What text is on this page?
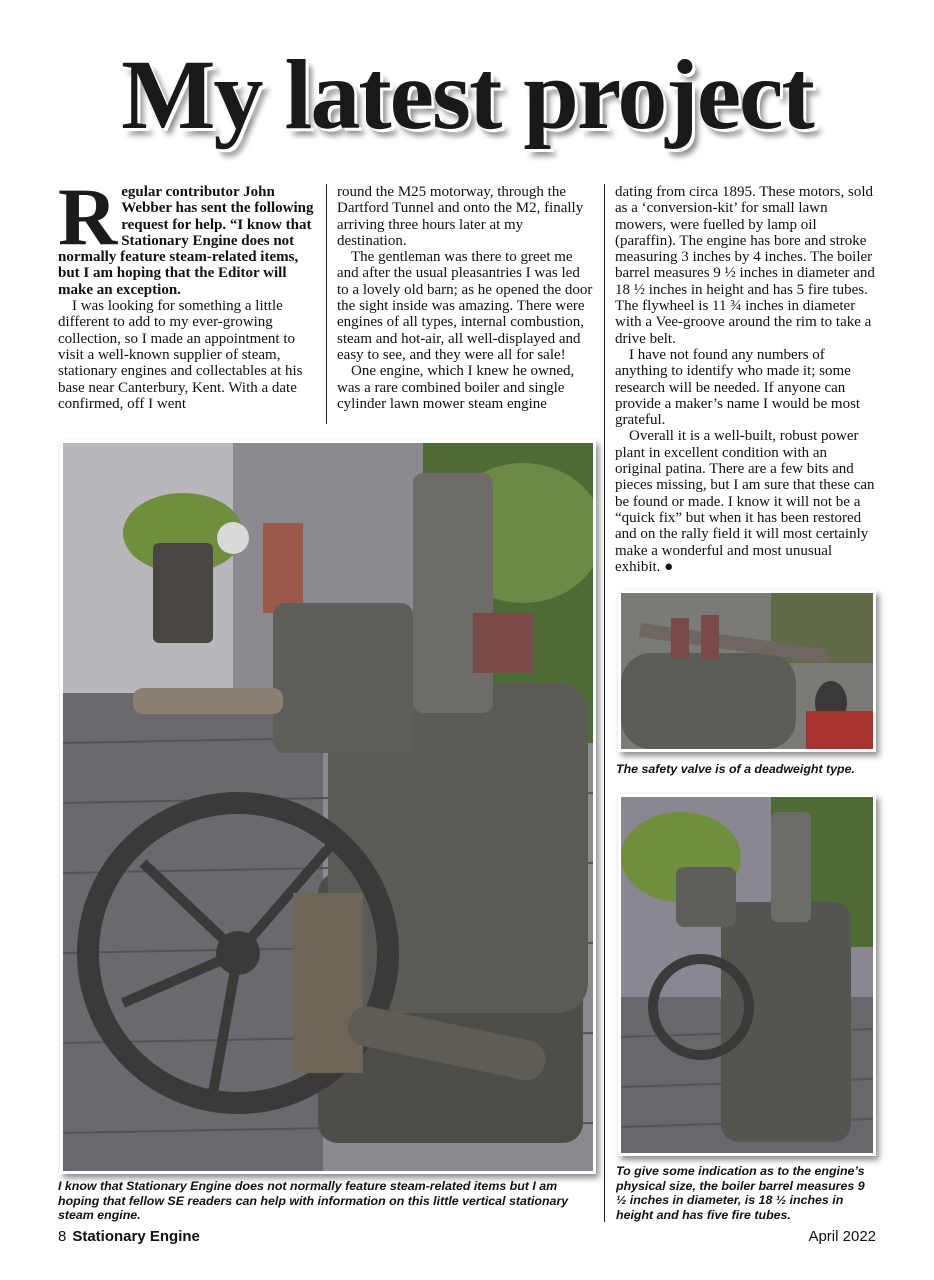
My latest project

Regular contributor John Webber has sent the following request for help. “I know that Stationary Engine does not normally feature steam-related items, but I am hoping that the Editor will make an exception.

I was looking for something a little different to add to my ever-growing collection, so I made an appointment to visit a well-known supplier of steam, stationary engines and collectables at his base near Canterbury, Kent. With a date confirmed, off I went

round the M25 motorway, through the Dartford Tunnel and onto the M2, finally arriving three hours later at my destination.

The gentleman was there to greet me and after the usual pleasantries I was led to a lovely old barn; as he opened the door the sight inside was amazing. There were engines of all types, internal combustion, steam and hot-air, all well-displayed and easy to see, and they were all for sale!

One engine, which I knew he owned, was a rare combined boiler and single cylinder lawn mower steam engine

dating from circa 1895. These motors, sold as a ‘conversion-kit’ for small lawn mowers, were fuelled by lamp oil (paraffin). The engine has bore and stroke measuring 3 inches by 4 inches. The boiler barrel measures 9 ½ inches in diameter and 18 ½ inches in height and has 5 fire tubes. The flywheel is 11 ¾ inches in diameter with a Vee-groove around the rim to take a drive belt.

I have not found any numbers of anything to identify who made it; some research will be needed. If anyone can provide a maker’s name I would be most grateful.

Overall it is a well-built, robust power plant in excellent condition with an original patina. There are a few bits and pieces missing, but I am sure that these can be found or made. I know it will not be a “quick fix” but when it has been restored and on the rally field it will most certainly make a wonderful and most unusual exhibit. ●

I know that Stationary Engine does not normally feature steam-related items but I am hoping that fellow SE readers can help with information on this little vertical stationary steam engine.
The safety valve is of a deadweight type.
To give some indication as to the engine’s physical size, the boiler barrel measures 9 ½ inches in diameter, is 18 ½ inches in height and has five fire tubes.
8 Stationary Engine	April 2022
